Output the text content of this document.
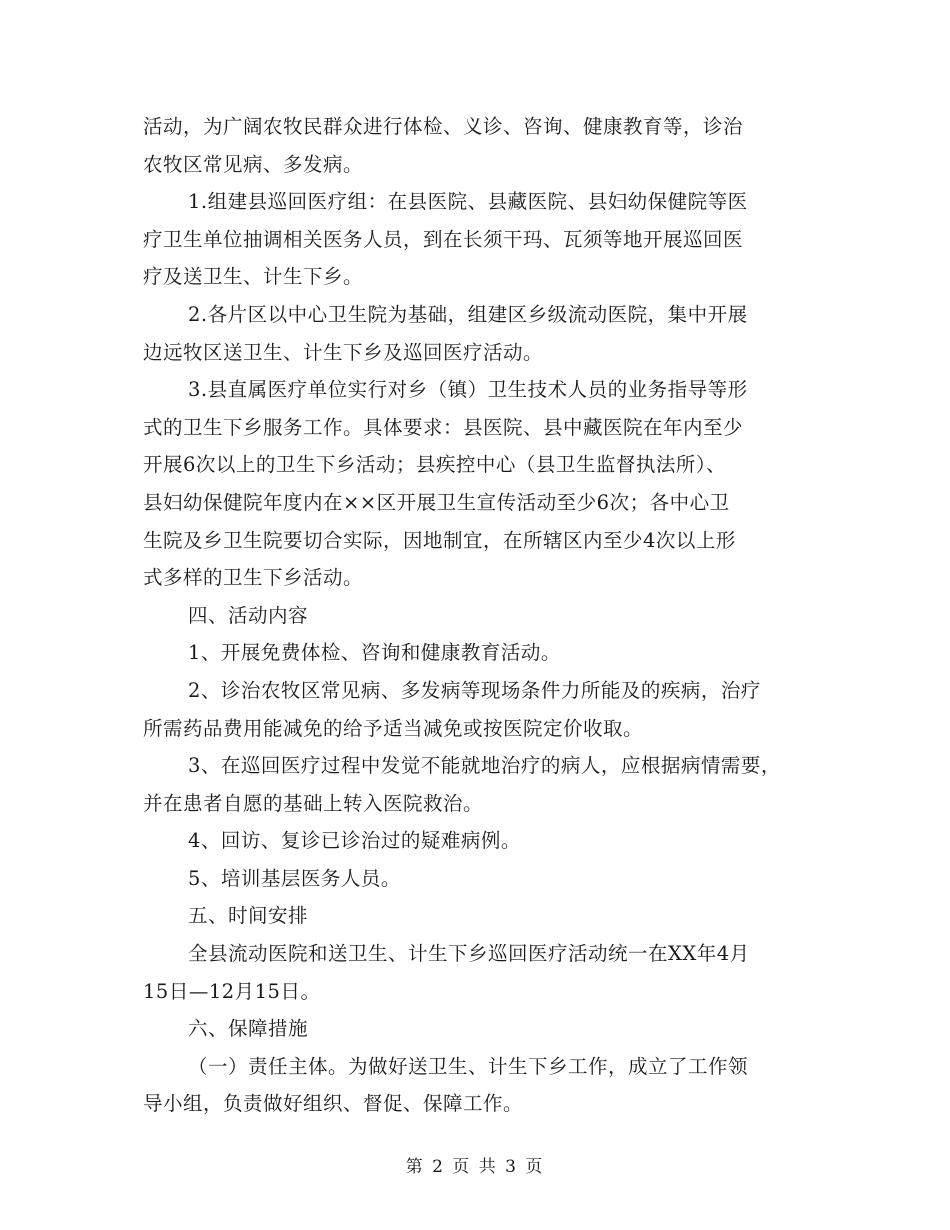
活动，为广阔农牧民群众进行体检、义诊、咨询、健康教育等，诊治
农牧区常见病、多发病。

1.组建县巡回医疗组：在县医院、县藏医院、县妇幼保健院等医
疗卫生单位抽调相关医务人员，到在长须干玛、瓦须等地开展巡回医
疗及送卫生、计生下乡。

2.各片区以中心卫生院为基础，组建区乡级流动医院，集中开展
边远牧区送卫生、计生下乡及巡回医疗活动。

3.县直属医疗单位实行对乡（镇）卫生技术人员的业务指导等形
式的卫生下乡服务工作。具体要求：县医院、县中藏医院在年内至少
开展6次以上的卫生下乡活动；县疾控中心（县卫生监督执法所）、
县妇幼保健院年度内在××区开展卫生宣传活动至少6次；各中心卫
生院及乡卫生院要切合实际，因地制宜，在所辖区内至少4次以上形
式多样的卫生下乡活动。

四、活动内容

1、开展免费体检、咨询和健康教育活动。

2、诊治农牧区常见病、多发病等现场条件力所能及的疾病，治疗
所需药品费用能减免的给予适当减免或按医院定价收取。

3、在巡回医疗过程中发觉不能就地治疗的病人，应根据病情需要，
并在患者自愿的基础上转入医院救治。

4、回访、复诊已诊治过的疑难病例。

5、培训基层医务人员。

五、时间安排

全县流动医院和送卫生、计生下乡巡回医疗活动统一在XX年4月
15日—12月15日。

六、保障措施

（一）责任主体。为做好送卫生、计生下乡工作，成立了工作领
导小组，负责做好组织、督促、保障工作。

第 2 页 共 3 页
